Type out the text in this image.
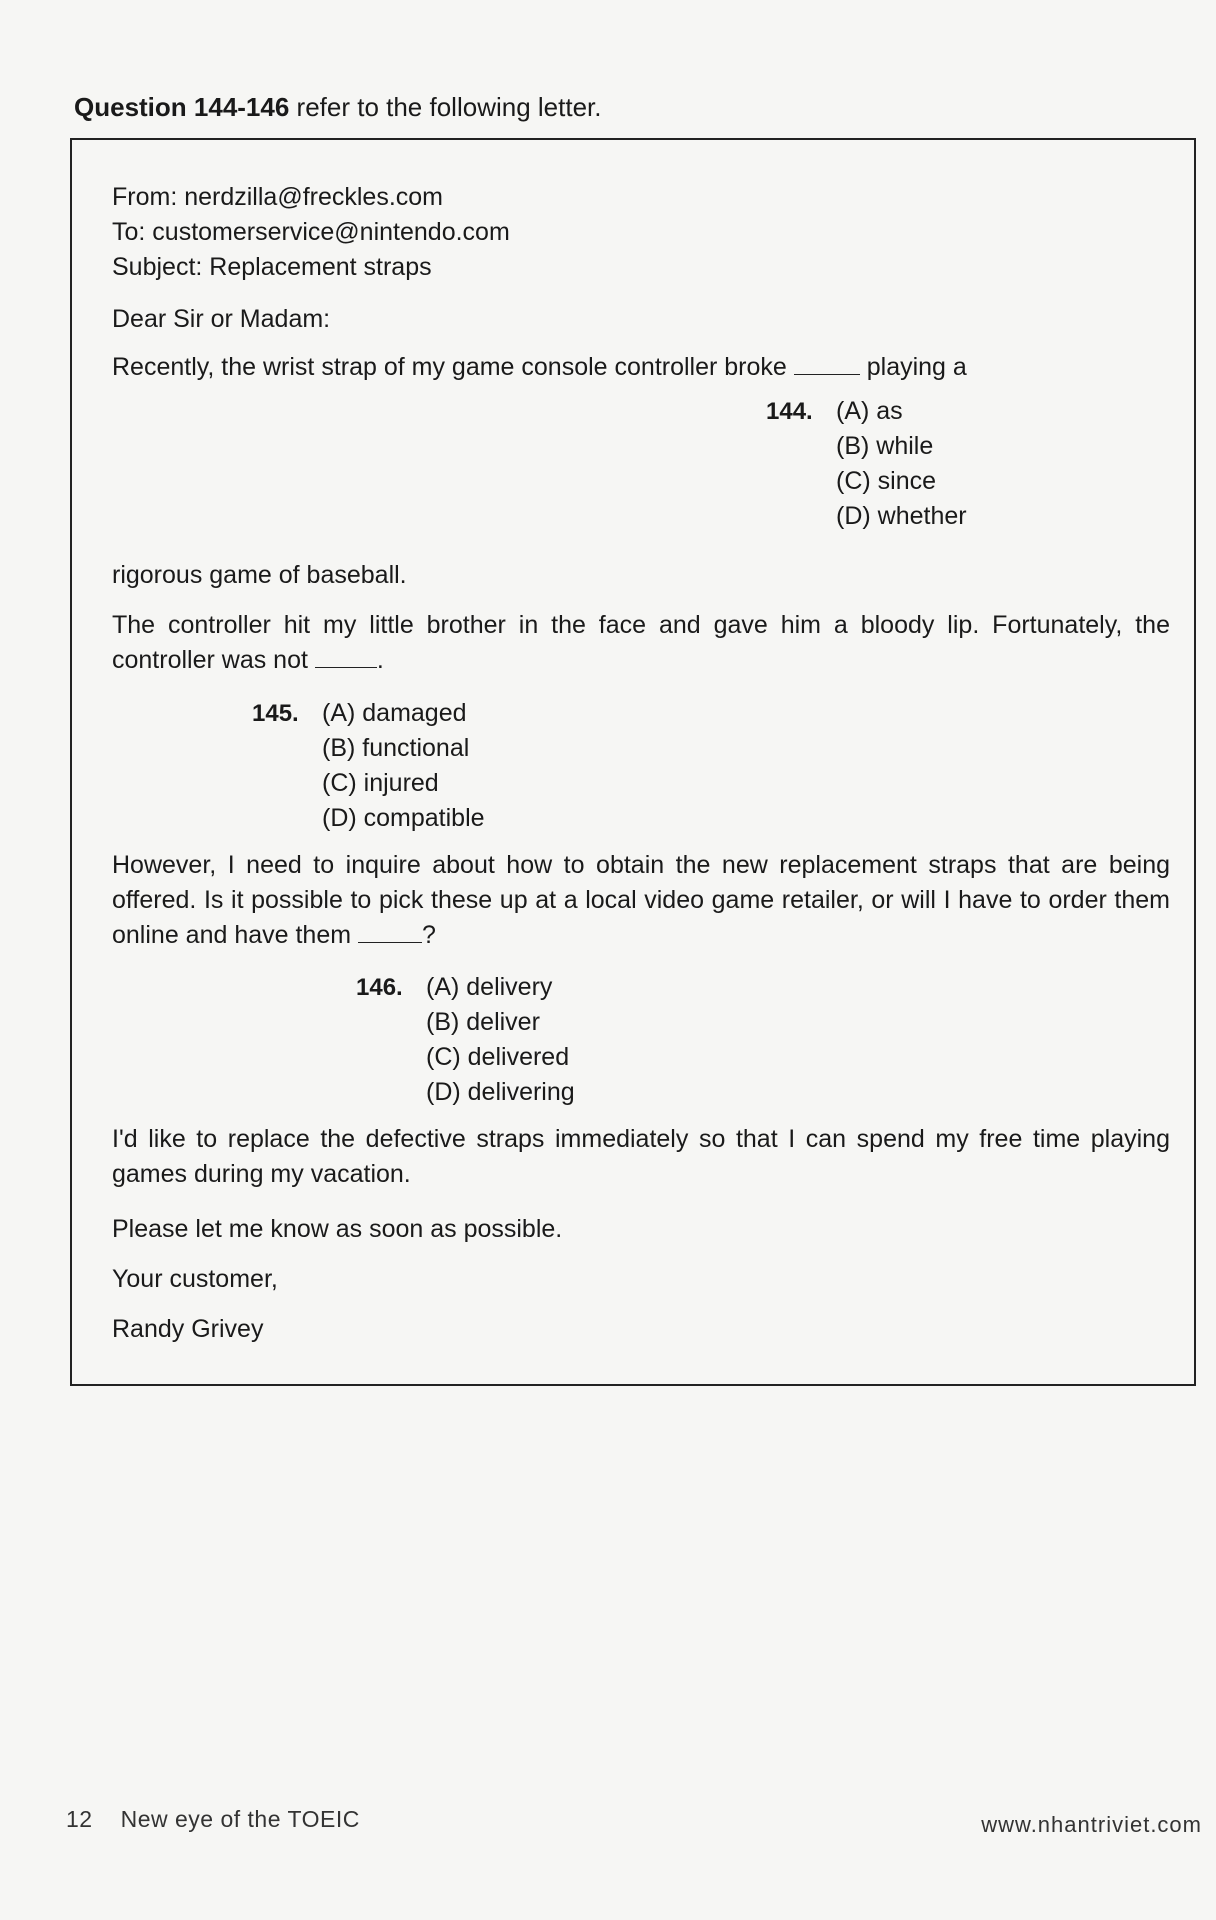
Question 144-146 refer to the following letter.
From: nerdzilla@freckles.com
To: customerservice@nintendo.com
Subject: Replacement straps
Dear Sir or Madam:
Recently, the wrist strap of my game console controller broke	playing a
144. (A) as
(B) while
(C) since
(D) whether
rigorous game of baseball.
The controller hit my little brother in the face and gave him a bloody lip. Fortunately, the controller was not	.
145. (A) damaged
(B) functional
(C) injured
(D) compatible
However, I need to inquire about how to obtain the new replacement straps that are being offered. Is it possible to pick these up at a local video game retailer, or will I have to order them online and have them	?
146. (A) delivery
(B) deliver
(C) delivered
(D) delivering
I'd like to replace the defective straps immediately so that I can spend my free time playing games during my vacation.
Please let me know as soon as possible.
Your customer,
Randy Grivey
12 New eye of the TOEIC	www.nhantriviet.com
